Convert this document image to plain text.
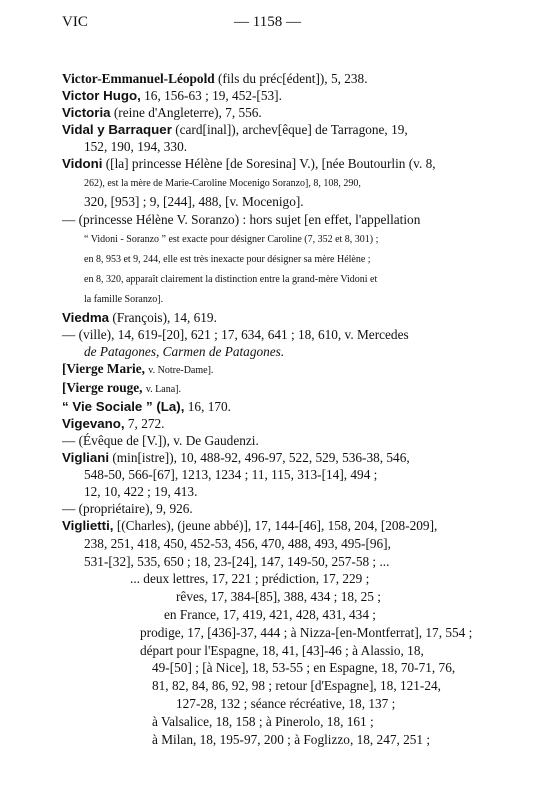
VIC	— 1158 —

Victor-Emmanuel-Léopold (fils du préc[édent]), 5, 238.

Victor Hugo, 16, 156-63 ; 19, 452-[53].

Victoria (reine d'Angleterre), 7, 556.

Vidal y Barraquer (card[inal]), archev[êque] de Tarragone, 19,
152, 190, 194, 330.

Vidoni ([la] princesse Hélène [de Soresina] V.), [née Boutourlin (v. 8,
262), est la mère de Marie-Caroline Mocenigo Soranzo], 8, 108, 290,
320, [953] ; 9, [244], 488, [v. Mocenigo].

— (princesse Hélène V. Soranzo) : hors sujet [en effet, l'appellation
“ Vidoni - Soranzo ” est exacte pour désigner Caroline (7, 352 et 8, 301) ;
en 8, 953 et 9, 244, elle est très inexacte pour désigner sa mère Hélène ;
en 8, 320, apparaît clairement la distinction entre la grand-mère Vidoni et
la famille Soranzo].

Viedma (François), 14, 619.

— (ville), 14, 619-[20], 621 ; 17, 634, 641 ; 18, 610, v. Mercedes
de Patagones, Carmen de Patagones.

[Vierge Marie, v. Notre-Dame].

[Vierge rouge, v. Lana].

“ Vie Sociale ” (La), 16, 170.

Vigevano, 7, 272.

— (Évêque de [V.]), v. De Gaudenzi.

Vigliani (min[istre]), 10, 488-92, 496-97, 522, 529, 536-38, 546,
548-50, 566-[67], 1213, 1234 ; 11, 115, 313-[14], 494 ;
12, 10, 422 ; 19, 413.

— (propriétaire), 9, 926.

Viglietti, [(Charles), (jeune abbé)], 17, 144-[46], 158, 204, [208-209],
238, 251, 418, 450, 452-53, 456, 470, 488, 493, 495-[96],
531-[32], 535, 650 ; 18, 23-[24], 147, 149-50, 257-58 ; ...
... deux lettres, 17, 221 ; prédiction, 17, 229 ;
rêves, 17, 384-[85], 388, 434 ; 18, 25 ;
en France, 17, 419, 421, 428, 431, 434 ;
prodige, 17, [436]-37, 444 ; à Nizza-[en-Montferrat], 17, 554 ;
départ pour l'Espagne, 18, 41, [43]-46 ; à Alassio, 18,
49-[50] ; [à Nice], 18, 53-55 ; en Espagne, 18, 70-71, 76,
81, 82, 84, 86, 92, 98 ; retour [d'Espagne], 18, 121-24,
127-28, 132 ; séance récréative, 18, 137 ;
à Valsalice, 18, 158 ; à Pinerolo, 18, 161 ;
à Milan, 18, 195-97, 200 ; à Foglizzo, 18, 247, 251 ;
